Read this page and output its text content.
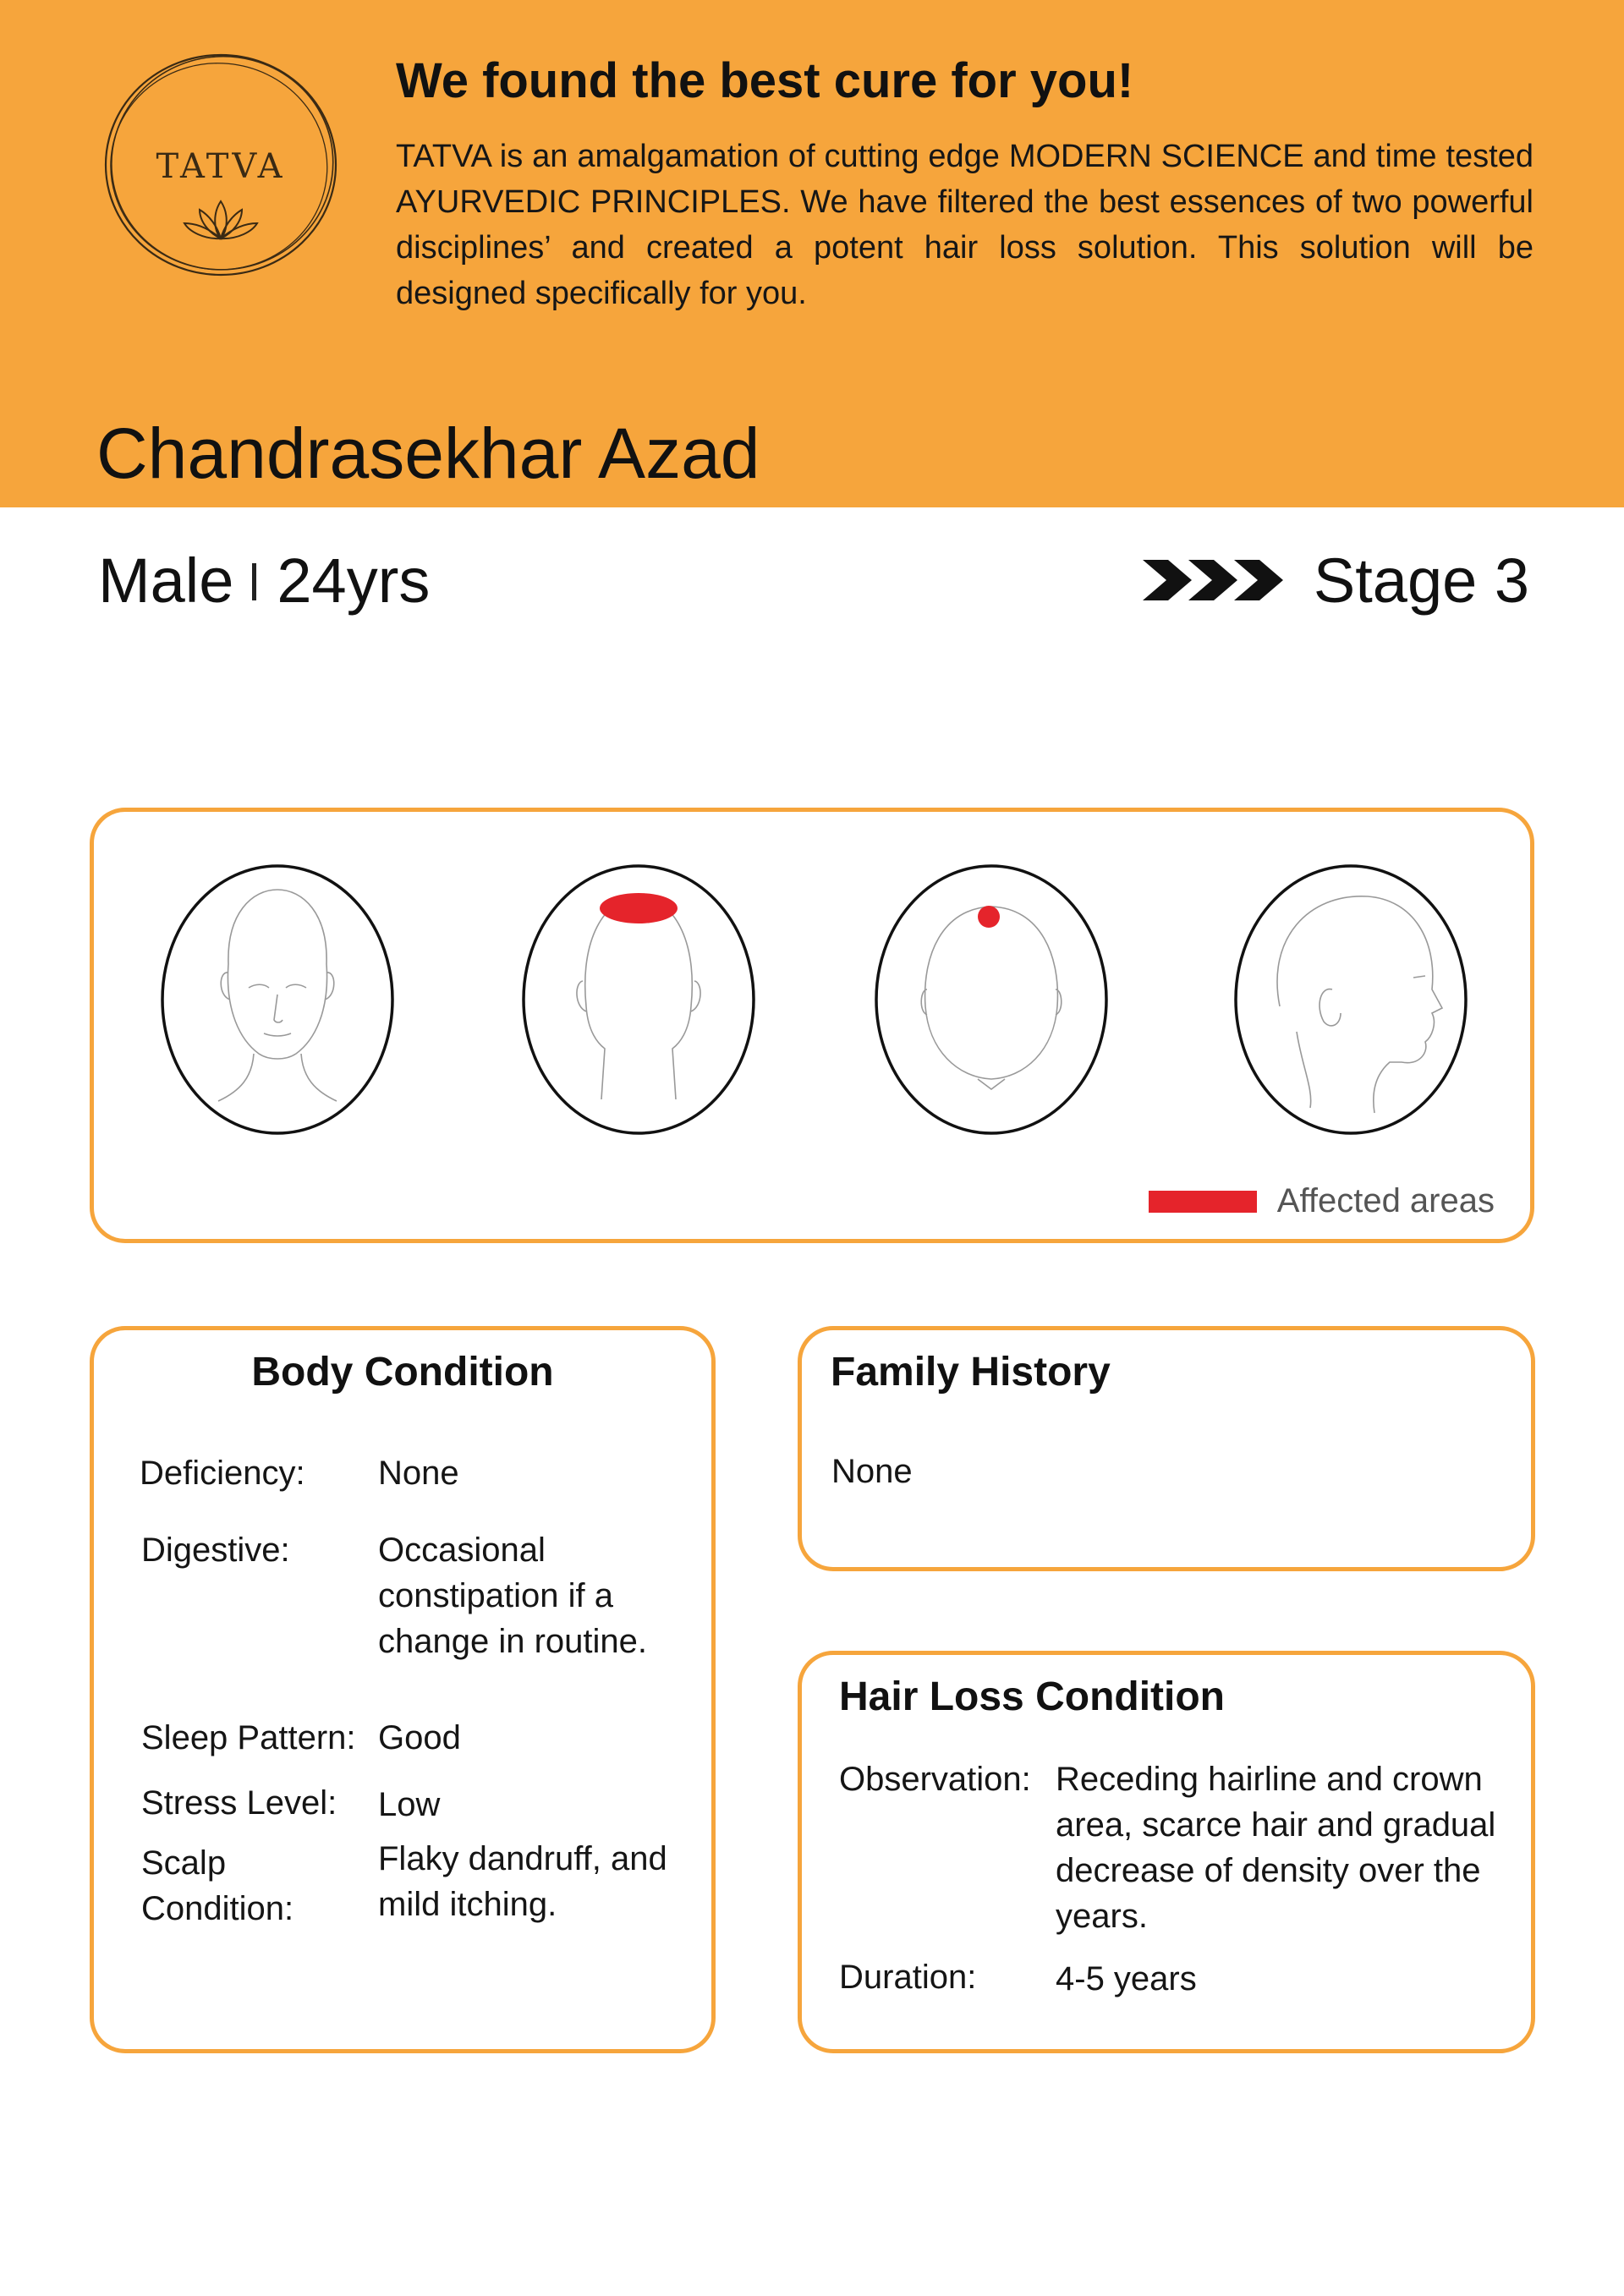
TATVA
We found the best cure for you!

TATVA is an amalgamation of cutting edge MODERN SCIENCE and time tested AYURVEDIC PRINCIPLES. We have filtered the best essences of two powerful disciplines’ and created a potent hair loss solution. This solution will be designed specifically for you.

Chandrasekhar Azad
Male 24yrs	Stage 3
Affected areas
Body Condition
Deficiency: None
Digestive:	Occasional constipation if a change in routine.
Sleep Pattern: Good
Stress Level: Low
Scalp Condition:
Flaky dandruff, and mild itching.
Family History
None
Hair Loss Condition
Observation: Receding hairline and crown area, scarce hair and gradual decrease of density over the years.
Duration: 4-5 years
